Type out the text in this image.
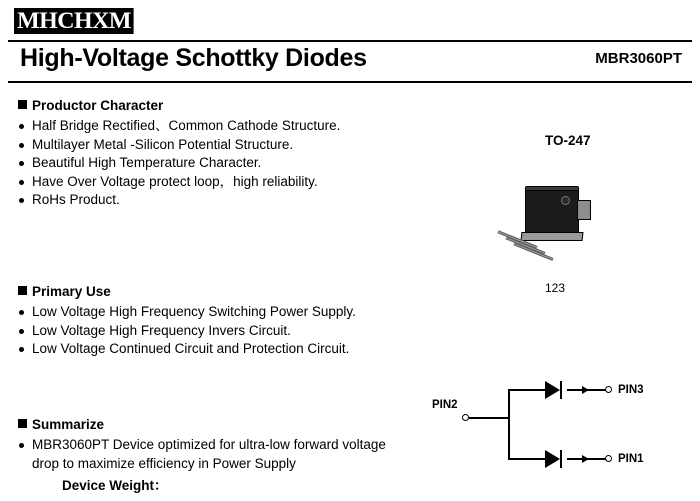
MHCHXM
High-Voltage Schottky Diodes	MBR3060PT
Productor Character
Half Bridge Rectified、Common Cathode Structure.
Multilayer Metal -Silicon Potential Structure.
Beautiful High Temperature Character.
Have Over Voltage protect loop，high reliability.
RoHs Product.
Primary Use
Low Voltage High Frequency Switching Power Supply.
Low Voltage High Frequency Invers Circuit.
Low Voltage Continued Circuit and Protection Circuit.
Summarize
MBR3060PT Device optimized for ultra-low forward voltage drop to maximize efficiency in Power Supply
Device Weight：
TO-247
123
PIN2
PIN3
PIN1
